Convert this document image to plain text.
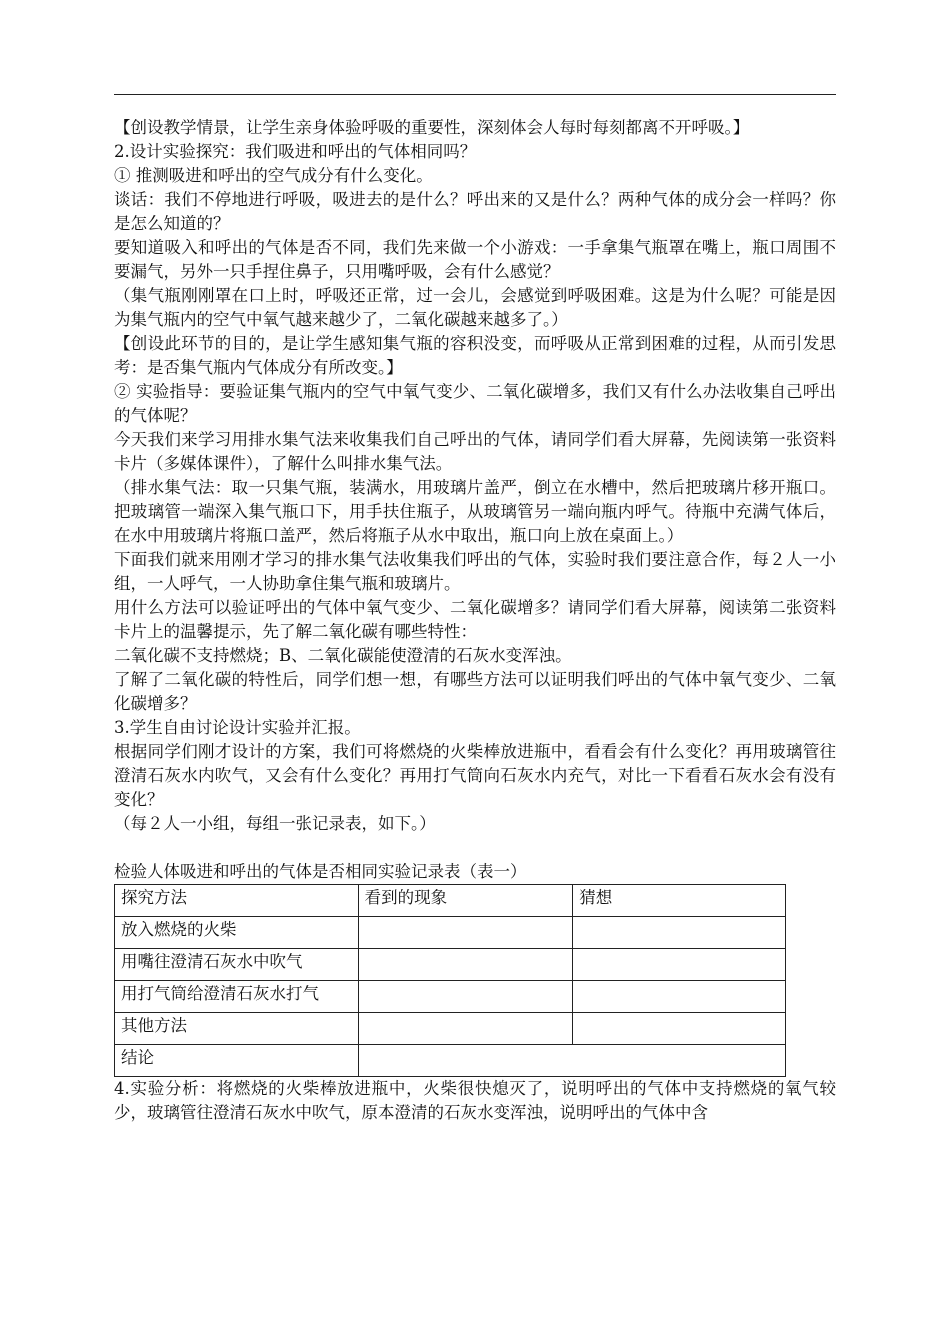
【创设教学情景，让学生亲身体验呼吸的重要性，深刻体会人每时每刻都离不开呼吸。】

2.设计实验探究：我们吸进和呼出的气体相同吗？

① 推测吸进和呼出的空气成分有什么变化。

谈话：我们不停地进行呼吸，吸进去的是什么？呼出来的又是什么？两种气体的成分会一样吗？你是怎么知道的？

要知道吸入和呼出的气体是否不同，我们先来做一个小游戏：一手拿集气瓶罩在嘴上，瓶口周围不要漏气，另外一只手捏住鼻子，只用嘴呼吸，会有什么感觉？

（集气瓶刚刚罩在口上时，呼吸还正常，过一会儿，会感觉到呼吸困难。这是为什么呢？可能是因为集气瓶内的空气中氧气越来越少了，二氧化碳越来越多了。）

【创设此环节的目的，是让学生感知集气瓶的容积没变，而呼吸从正常到困难的过程，从而引发思考：是否集气瓶内气体成分有所改变。】

② 实验指导：要验证集气瓶内的空气中氧气变少、二氧化碳增多，我们又有什么办法收集自己呼出的气体呢？

今天我们来学习用排水集气法来收集我们自己呼出的气体，请同学们看大屏幕，先阅读第一张资料卡片（多媒体课件），了解什么叫排水集气法。

（排水集气法：取一只集气瓶，装满水，用玻璃片盖严，倒立在水槽中，然后把玻璃片移开瓶口。把玻璃管一端深入集气瓶口下，用手扶住瓶子，从玻璃管另一端向瓶内呼气。待瓶中充满气体后，在水中用玻璃片将瓶口盖严，然后将瓶子从水中取出，瓶口向上放在桌面上。）

下面我们就来用刚才学习的排水集气法收集我们呼出的气体，实验时我们要注意合作，每２人一小组，一人呼气，一人协助拿住集气瓶和玻璃片。

用什么方法可以验证呼出的气体中氧气变少、二氧化碳增多？请同学们看大屏幕，阅读第二张资料卡片上的温馨提示，先了解二氧化碳有哪些特性：

二氧化碳不支持燃烧；B、二氧化碳能使澄清的石灰水变浑浊。

了解了二氧化碳的特性后，同学们想一想，有哪些方法可以证明我们呼出的气体中氧气变少、二氧化碳增多？

3.学生自由讨论设计实验并汇报。

根据同学们刚才设计的方案，我们可将燃烧的火柴棒放进瓶中，看看会有什么变化？再用玻璃管往澄清石灰水内吹气，又会有什么变化？再用打气筒向石灰水内充气，对比一下看看石灰水会有没有变化？

（每２人一小组，每组一张记录表，如下。）

检验人体吸进和呼出的气体是否相同实验记录表（表一）

探究方法	看到的现象	猜想
放入燃烧的火柴		
用嘴往澄清石灰水中吹气		
用打气筒给澄清石灰水打气		
其他方法		
结论		

4.实验分析：将燃烧的火柴棒放进瓶中，火柴很快熄灭了，说明呼出的气体中支持燃烧的氧气较少，玻璃管往澄清石灰水中吹气，原本澄清的石灰水变浑浊，说明呼出的气体中含
